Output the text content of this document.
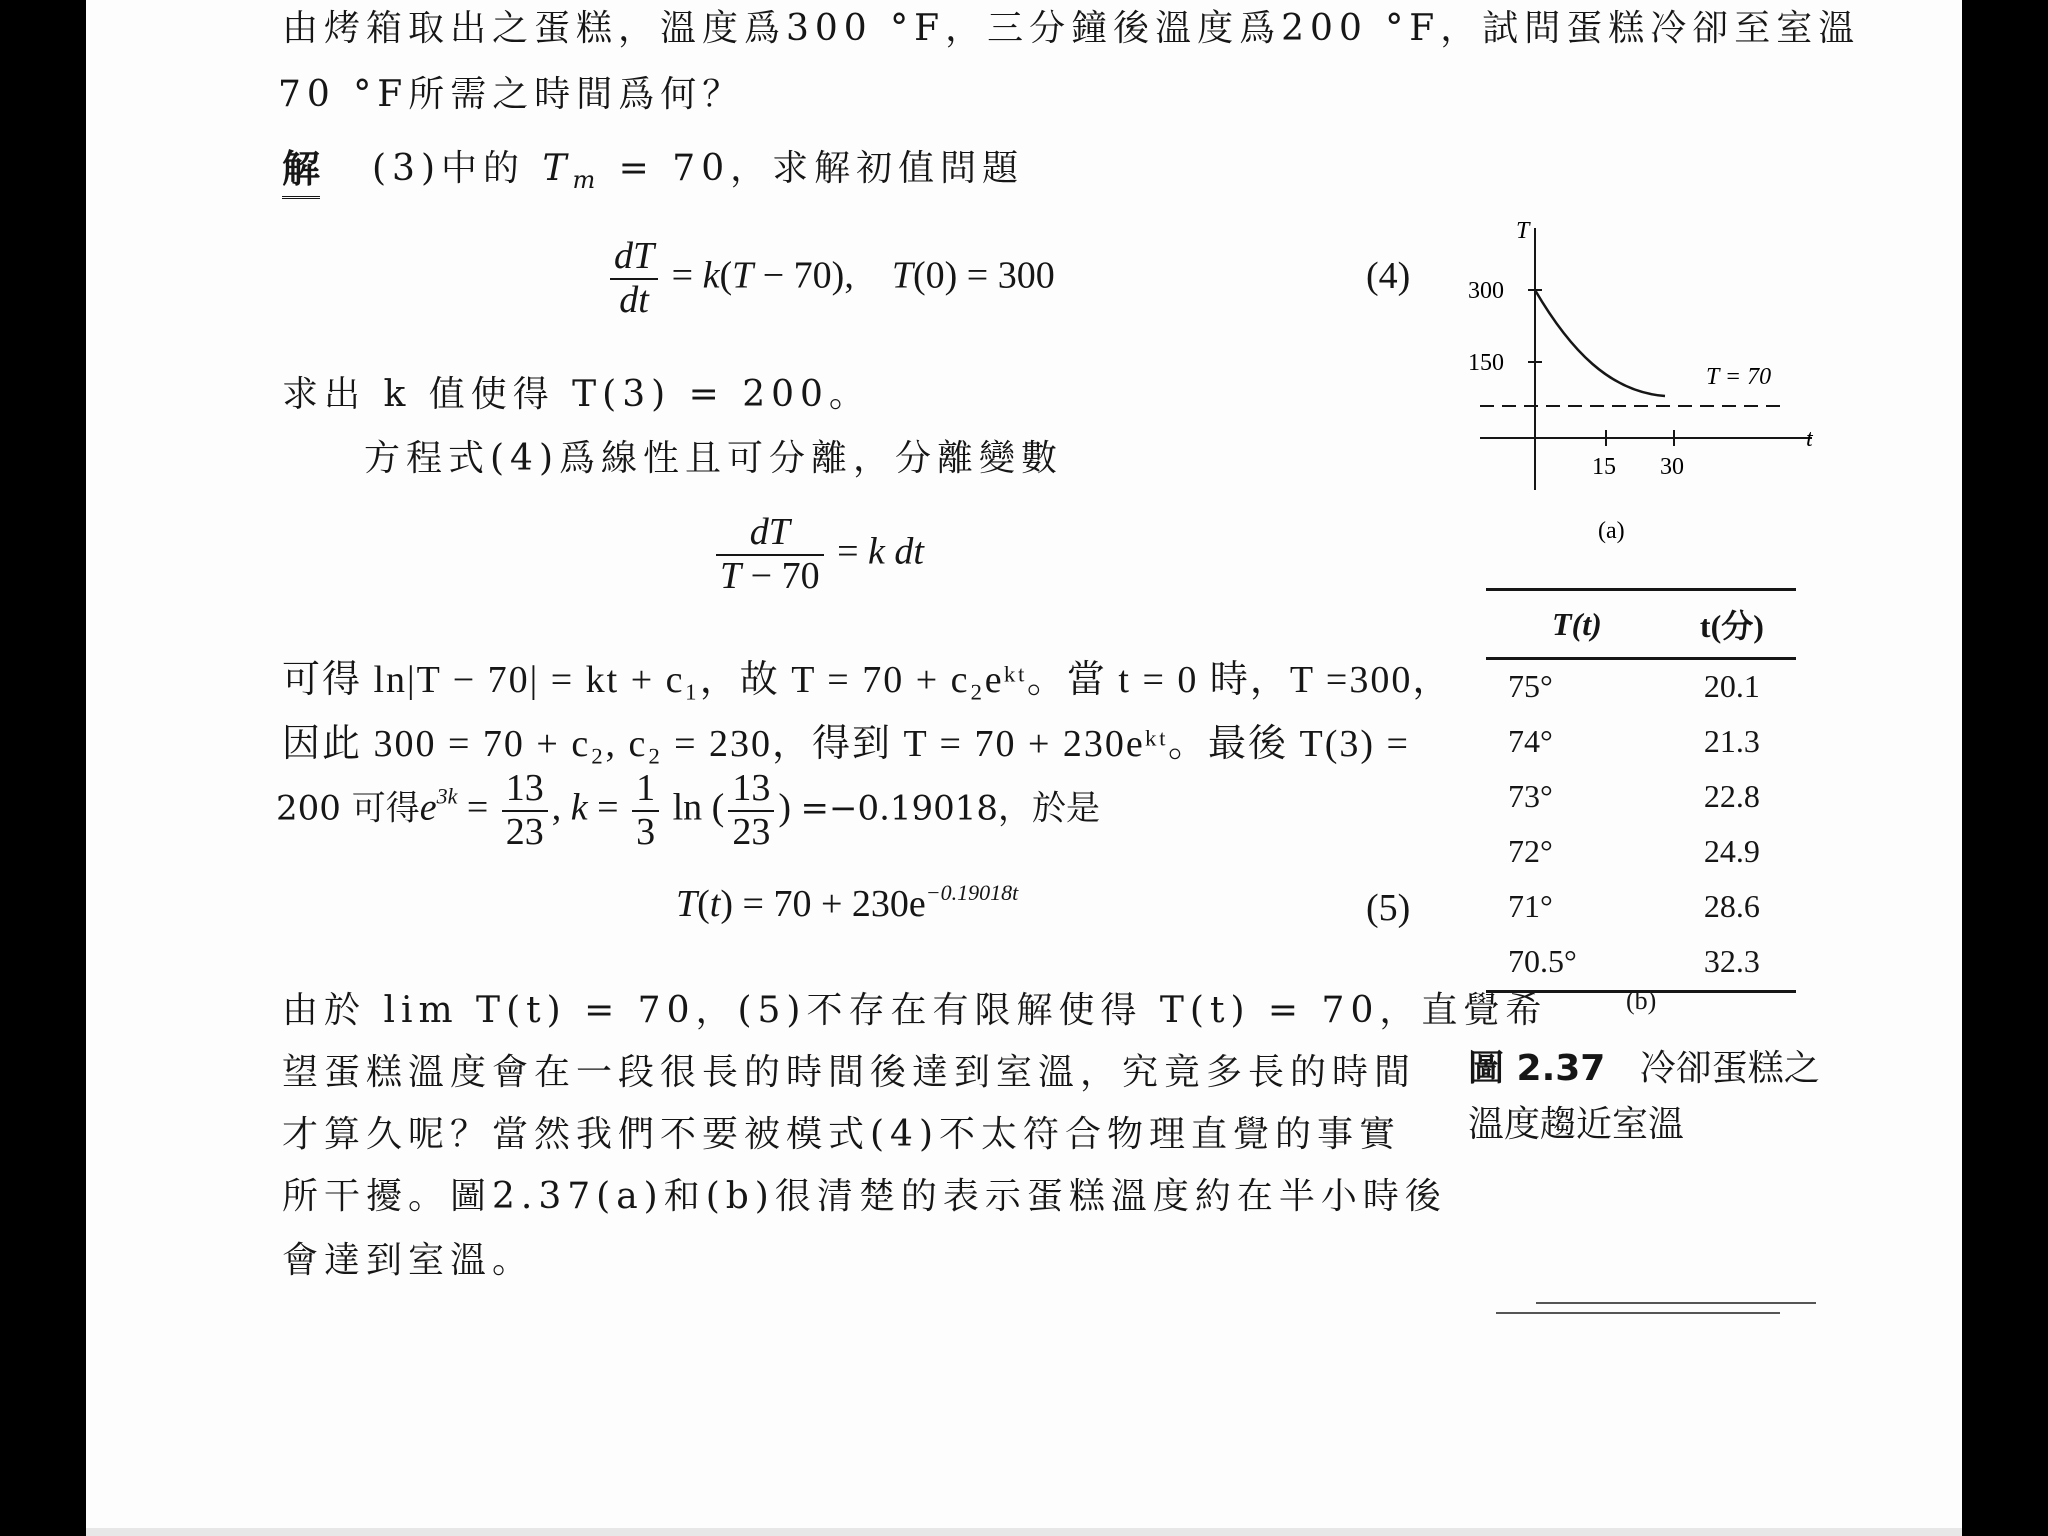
由烤箱取出之蛋糕，溫度爲300 °F，三分鐘後溫度爲200 °F，試問蛋糕冷卻至室溫
70 °F所需之時間爲何？
解 (3)中的 $T_m = 70$，求解初值問題
$\frac{dT}{dt} = k(T - 70)$,    T(0) = 300	(4)
求出 k 值使得 T(3) = 200。
方程式(4)爲線性且可分離，分離變數
$\frac{dT}{T - 70} = k$ dt
可得 ln|T − 70| = kt + c₁，故 T = 70 + c₂eᵏᵗ。當 t = 0 時，T =300，
因此 300 = 70 + c₂, c₂ = 230，得到 T = 70 + 230eᵏᵗ。最後 T(3) =
200 可得$e^{3k} = \frac{13}{23}$ , $k = \frac{1}{3}$ ln ( $\frac{13}{23}$ ) =−0.19018，於是
$T(t) = 70 + 230e^{-0.19018t}$	(5)
由於 lim T(t) = 70，(5)不存在有限解使得 T(t) = 70，直覺希
望蛋糕溫度會在一段很長的時間後達到室溫，究竟多長的時間
才算久呢？當然我們不要被模式(4)不太符合物理直覺的事實
所干擾。圖2.37(a)和(b)很清楚的表示蛋糕溫度約在半小時後
會達到室溫。
T
300
150
15 30
t
T = 70
(a)
T(t)	t(分)
75°	20.1
74°	21.3
73°	22.8
72°	24.9
71°	28.6
70.5°	32.3
(b)
圖 2.37 冷卻蛋糕之
溫度趨近室溫
